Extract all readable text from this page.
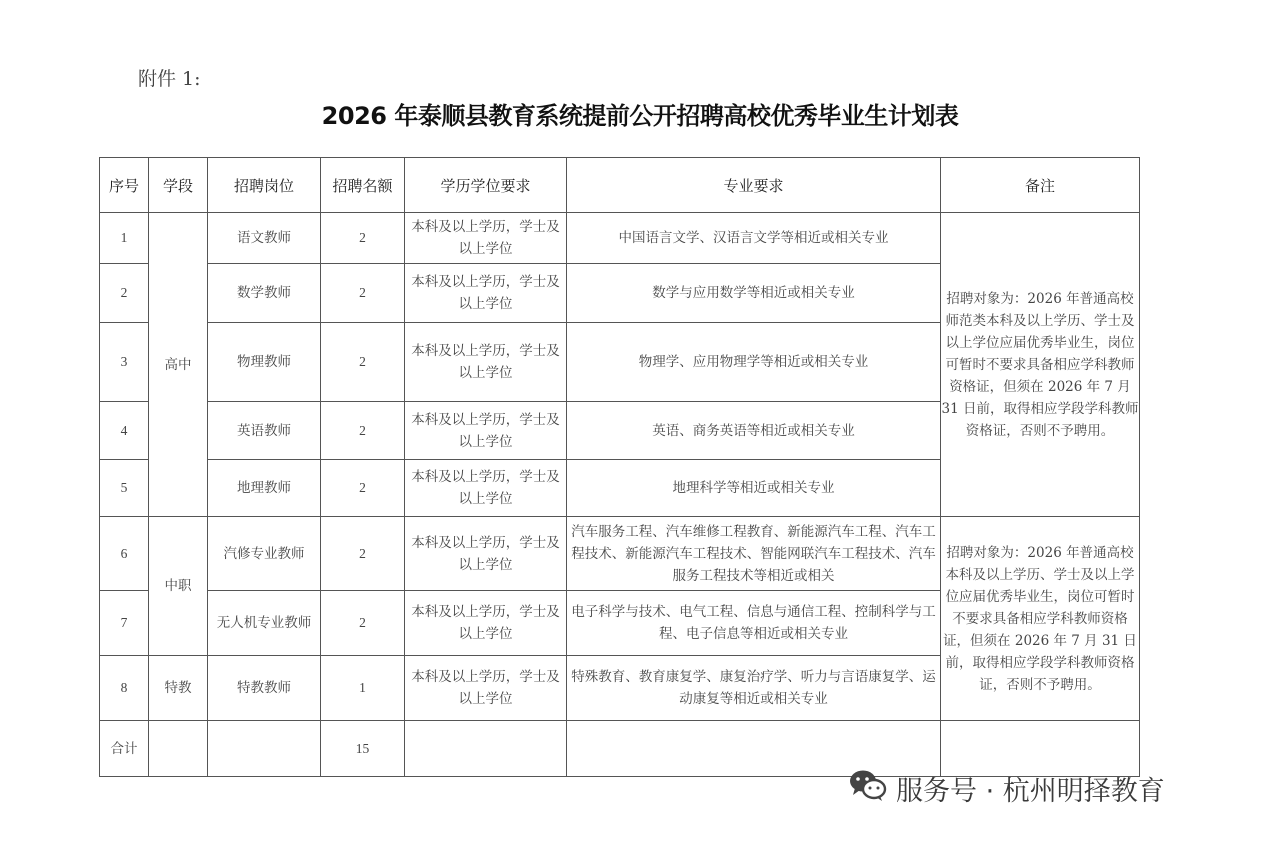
附件 1:
2026 年泰顺县教育系统提前公开招聘高校优秀毕业生计划表
序号	学段	招聘岗位	招聘名额	学历学位要求	专业要求	备注
1	高中	语文教师	2	本科及以上学历，学士及以上学位	中国语言文学、汉语言文学等相近或相关专业	招聘对象为：2026 年普通高校师范类本科及以上学历、学士及以上学位应届优秀毕业生，岗位可暂时不要求具备相应学科教师资格证，但须在 2026 年 7 月 31 日前，取得相应学段学科教师资格证，否则不予聘用。
2		数学教师	2	本科及以上学历，学士及以上学位	数学与应用数学等相近或相关专业	
3		物理教师	2	本科及以上学历，学士及以上学位	物理学、应用物理学等相近或相关专业	
4		英语教师	2	本科及以上学历，学士及以上学位	英语、商务英语等相近或相关专业	
5		地理教师	2	本科及以上学历，学士及以上学位	地理科学等相近或相关专业	
6	中职	汽修专业教师	2	本科及以上学历，学士及以上学位	汽车服务工程、汽车维修工程教育、新能源汽车工程、汽车工程技术、新能源汽车工程技术、智能网联汽车工程技术、汽车服务工程技术等相近或相关	招聘对象为：2026 年普通高校本科及以上学历、学士及以上学位应届优秀毕业生，岗位可暂时不要求具备相应学科教师资格证，但须在 2026 年 7 月 31 日前，取得相应学段学科教师资格证，否则不予聘用。
7		无人机专业教师	2	本科及以上学历，学士及以上学位	电子科学与技术、电气工程、信息与通信工程、控制科学与工程、电子信息等相近或相关专业	
8	特教	特教教师	1	本科及以上学历，学士及以上学位	特殊教育、教育康复学、康复治疗学、听力与言语康复学、运动康复等相近或相关专业	
合计			15			
服务号 · 杭州明择教育
